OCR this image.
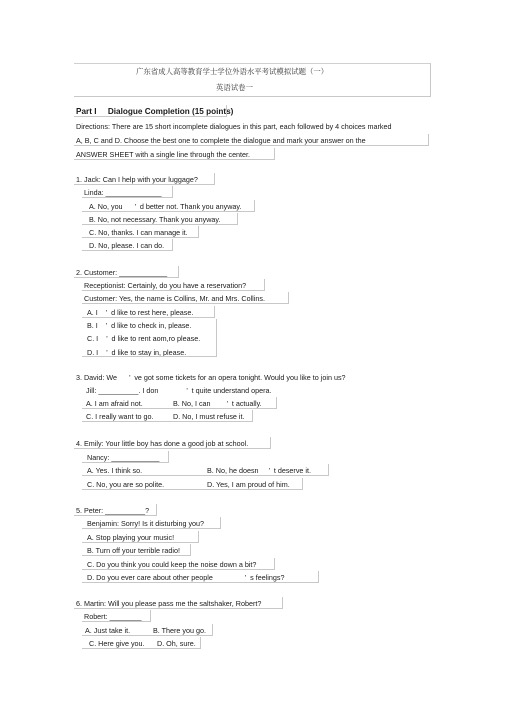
广东省成人高等教育学士学位外语水平考试模拟试题（一）
英语试卷一
Part I     Dialogue Completion (15 points)
Directions: There are 15 short incomplete dialogues in this part, each followed by 4 choices marked
A, B, C and D. Choose the best one to complete the dialogue and mark your answer on the
ANSWER SHEET with a single line through the center.
1. Jack: Can I help with your luggage?
Linda: ______________
A. No, you      ’  d better not. Thank you anyway.
B. No, not necessary. Thank you anyway.
C. No, thanks. I can manage it.
D. No, please. I can do.
2. Customer: ____________
Receptionist: Certainly, do you have a reservation?
Customer: Yes, the name is Collins, Mr. and Mrs. Collins.
A. I    ’  d like to rest here, please.
B. I    ’  d like to check in, please.
C. I    ’  d like to rent aom,ro please.
D. I    ’  d like to stay in, please.
3. David: We      ’  ve got some tickets for an opera tonight. Would you like to join us?
Jill: __________. I don              ’  t quite understand opera.
A. I am afraid not.	B. No, I can        ’  t actually.
C. I really want to go.	D. No, I must refuse it.
4. Emily: Your little boy has done a good job at school.
Nancy: ____________
A. Yes. I think so.	B. No, he doesn     ’  t deserve it.
C. No, you are so polite.	D. Yes, I am proud of him.
5. Peter: __________?
Benjamin: Sorry! Is it disturbing you?
A. Stop playing your music!
B. Turn off your terrible radio!
C. Do you think you could keep the noise down a bit?
D. Do you ever care about other people                ’  s feelings?
6. Martin: Will you please pass me the saltshaker, Robert?
Robert: ________
A. Just take it.	B. There you go.
C. Here give you. D. Oh, sure.
